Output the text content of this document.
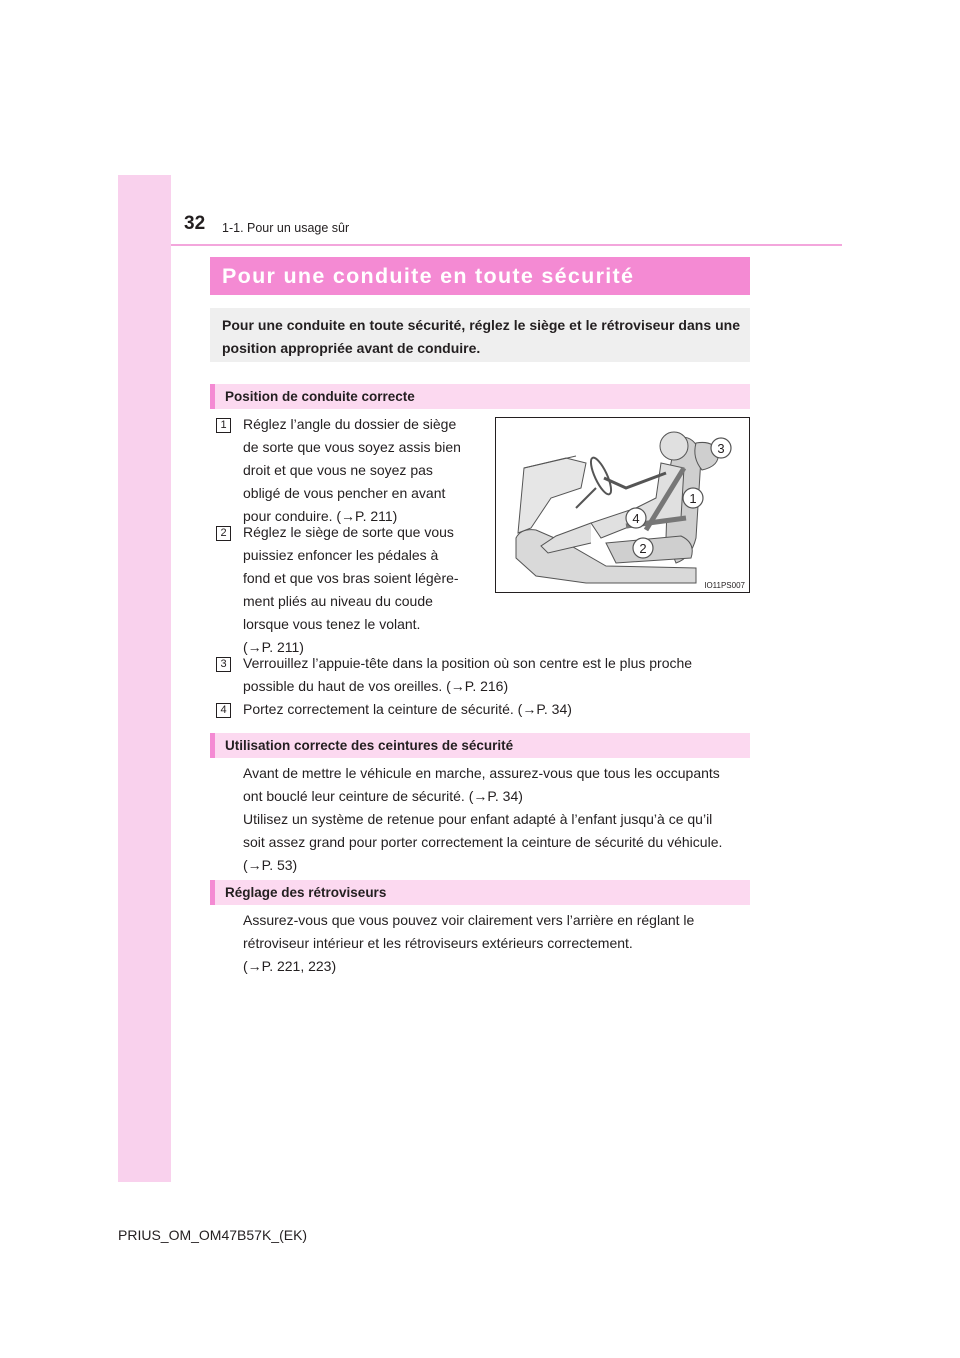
32 1-1. Pour un usage sûr
Pour une conduite en toute sécurité
Pour une conduite en toute sécurité, réglez le siège et le rétroviseur dans une position appropriée avant de conduire.
Position de conduite correcte
1	Réglez l’angle du dossier de siège
de sorte que vous soyez assis bien
droit et que vous ne soyez pas
obligé de vous pencher en avant
pour conduire. (→P. 211)
2	Réglez le siège de sorte que vous
puissiez enfoncer les pédales à
fond et que vos bras soient légère-
ment pliés au niveau du coude
lorsque vous tenez le volant.
(→P. 211)
3
1
4
2
IO11PS007
3	Verrouillez l’appuie-tête dans la position où son centre est le plus proche
possible du haut de vos oreilles. (→P. 216)
4	Portez correctement la ceinture de sécurité. (→P. 34)
Utilisation correcte des ceintures de sécurité
Avant de mettre le véhicule en marche, assurez-vous que tous les occupants
ont bouclé leur ceinture de sécurité. (→P. 34)
Utilisez un système de retenue pour enfant adapté à l’enfant jusqu’à ce qu’il
soit assez grand pour porter correctement la ceinture de sécurité du véhicule.
(→P. 53)
Réglage des rétroviseurs
Assurez-vous que vous pouvez voir clairement vers l’arrière en réglant le
rétroviseur intérieur et les rétroviseurs extérieurs correctement.
(→P. 221, 223)
PRIUS_OM_OM47B57K_(EK)
